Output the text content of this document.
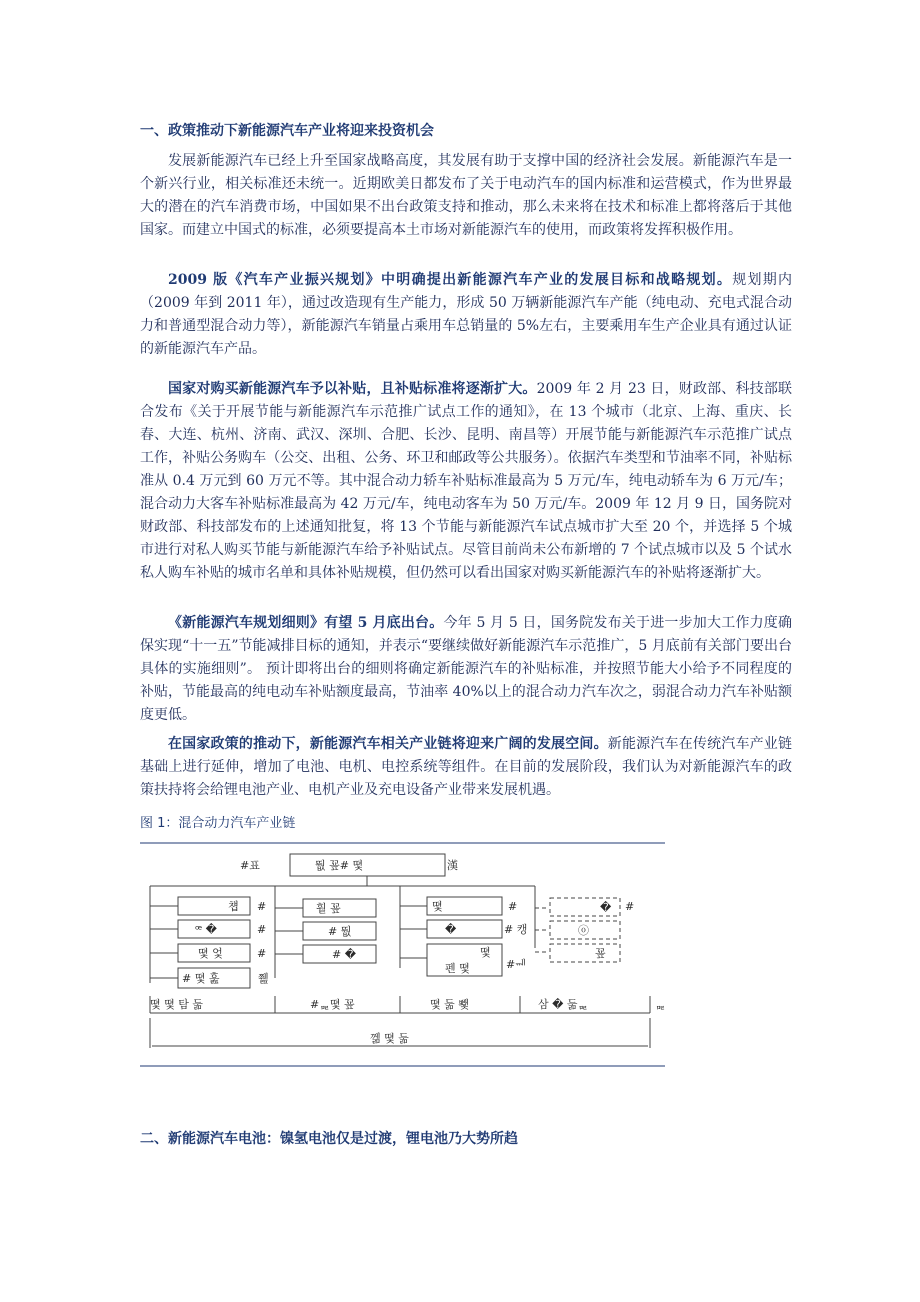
一、政策推动下新能源汽车产业将迎来投资机会

发展新能源汽车已经上升至国家战略高度，其发展有助于支撑中国的经济社会发展。新能源汽车是一个新兴行业，相关标准还未统一。近期欧美日都发布了关于电动汽车的国内标准和运营模式，作为世界最大的潜在的汽车消费市场，中国如果不出台政策支持和推动，那么未来将在技术和标准上都将落后于其他国家。而建立中国式的标准，必须要提高本土市场对新能源汽车的使用，而政策将发挥积极作用。

2009 版《汽车产业振兴规划》中明确提出新能源汽车产业的发展目标和战略规划。规划期内（2009 年到 2011 年），通过改造现有生产能力，形成 50 万辆新能源汽车产能（纯电动、充电式混合动力和普通型混合动力等），新能源汽车销量占乘用车总销量的 5%左右，主要乘用车生产企业具有通过认证的新能源汽车产品。

国家对购买新能源汽车予以补贴，且补贴标准将逐渐扩大。2009 年 2 月 23 日，财政部、科技部联合发布《关于开展节能与新能源汽车示范推广试点工作的通知》，在 13 个城市（北京、上海、重庆、长春、大连、杭州、济南、武汉、深圳、合肥、长沙、昆明、南昌等）开展节能与新能源汽车示范推广试点工作，补贴公务购车（公交、出租、公务、环卫和邮政等公共服务）。依据汽车类型和节油率不同，补贴标准从 0.4 万元到 60 万元不等。其中混合动力轿车补贴标准最高为 5 万元/车，纯电动轿车为 6 万元/车；混合动力大客车补贴标准最高为 42 万元/车，纯电动客车为 50 万元/车。2009 年 12 月 9 日，国务院对财政部、科技部发布的上述通知批复，将 13 个节能与新能源汽车试点城市扩大至 20 个，并选择 5 个城市进行对私人购买节能与新能源汽车给予补贴试点。尽管目前尚未公布新增的 7 个试点城市以及 5 个试水私人购车补贴的城市名单和具体补贴规模，但仍然可以看出国家对购买新能源汽车的补贴将逐渐扩大。

《新能源汽车规划细则》有望 5 月底出台。今年 5 月 5 日，国务院发布关于进一步加大工作力度确保实现“十一五”节能减排目标的通知，并表示“要继续做好新能源汽车示范推广，5 月底前有关部门要出台具体的实施细则”。 预计即将出台的细则将确定新能源汽车的补贴标准，并按照节能大小给予不同程度的补贴，节能最高的纯电动车补贴额度最高，节油率 40%以上的混合动力汽车次之，弱混合动力汽车补贴额度更低。

在国家政策的推动下，新能源汽车相关产业链将迎来广阔的发展空间。新能源汽车在传统汽车产业链基础上进行延伸，增加了电池、电机、电控系统等组件。在目前的发展阶段，我们认为对新能源汽车的政策扶持将会给锂电池产业、电机产业及充电设备产业带来发展机遇。

图 1：混合动力汽车产业链

#표	뛊 꾶# 뗯	漢
첍 #
ꟹ �	#
뗯 엋	#
# 뗯 훒	쮎
훹 꾶
# 뛊
# �
뗯	#
�	# 캥
뗯
펜 뗯	#ᆐ
#
�
ⓞ
꾶
뗯 뗯 탐 둚	#ᇛ뗯 꾶	뗯 둚 뾏	삼 � 둚ᇛ	ᇛ
껢 뗯 둚
二、新能源汽车电池：镍氢电池仅是过渡，锂电池乃大势所趋
